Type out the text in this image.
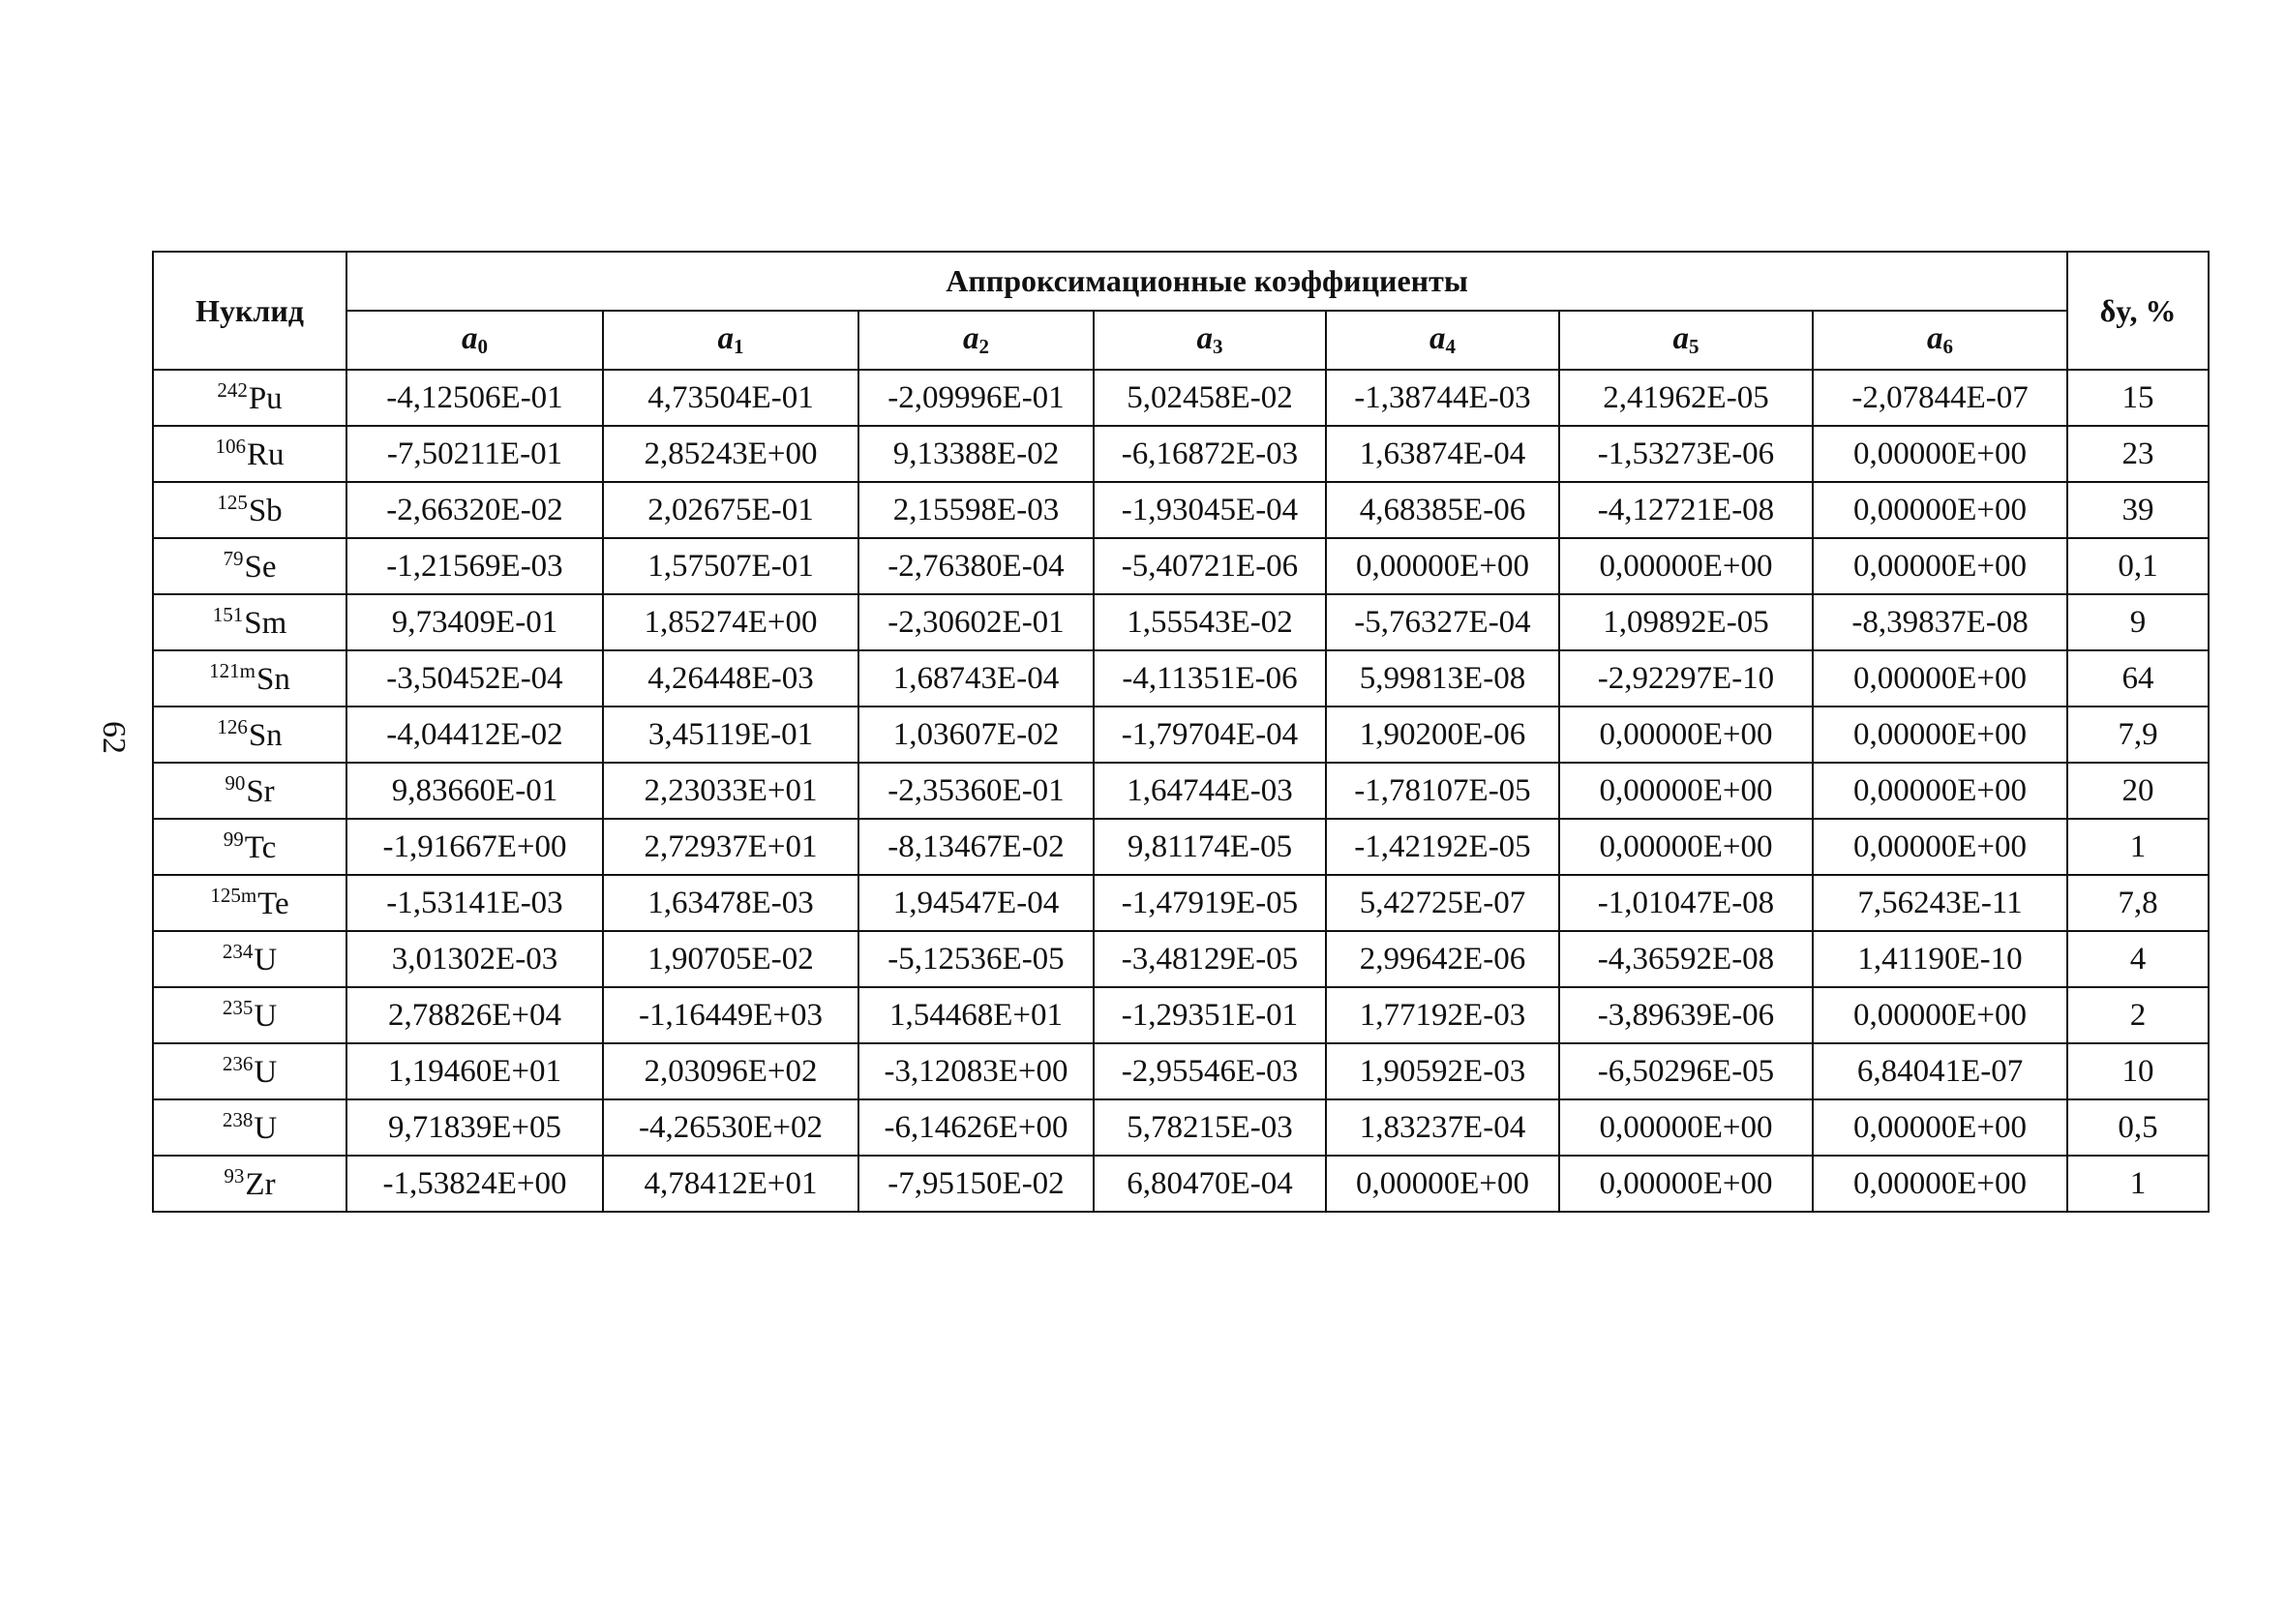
62
Нуклид	Аппроксимационные коэффициенты							δy, %
	$a_0$	$a_1$	$a_2$	$a_3$	$a_4$	$a_5$	$a_6$
$^{242}$Pu	-4,12506E-01	4,73504E-01	-2,09996E-01	5,02458E-02	-1,38744E-03	2,41962E-05	-2,07844E-07	15
$^{106}$Ru	-7,50211E-01	2,85243E+00	9,13388E-02	-6,16872E-03	1,63874E-04	-1,53273E-06	0,00000E+00	23
$^{125}$Sb	-2,66320E-02	2,02675E-01	2,15598E-03	-1,93045E-04	4,68385E-06	-4,12721E-08	0,00000E+00	39
$^{79}$Se	-1,21569E-03	1,57507E-01	-2,76380E-04	-5,40721E-06	0,00000E+00	0,00000E+00	0,00000E+00	0,1
$^{151}$Sm	9,73409E-01	1,85274E+00	-2,30602E-01	1,55543E-02	-5,76327E-04	1,09892E-05	-8,39837E-08	9
$^{121m}$Sn	-3,50452E-04	4,26448E-03	1,68743E-04	-4,11351E-06	5,99813E-08	-2,92297E-10	0,00000E+00	64
$^{126}$Sn	-4,04412E-02	3,45119E-01	1,03607E-02	-1,79704E-04	1,90200E-06	0,00000E+00	0,00000E+00	7,9
$^{90}$Sr	9,83660E-01	2,23033E+01	-2,35360E-01	1,64744E-03	-1,78107E-05	0,00000E+00	0,00000E+00	20
$^{99}$Tc	-1,91667E+00	2,72937E+01	-8,13467E-02	9,81174E-05	-1,42192E-05	0,00000E+00	0,00000E+00	1
$^{125m}$Te	-1,53141E-03	1,63478E-03	1,94547E-04	-1,47919E-05	5,42725E-07	-1,01047E-08	7,56243E-11	7,8
$^{234}$U	3,01302E-03	1,90705E-02	-5,12536E-05	-3,48129E-05	2,99642E-06	-4,36592E-08	1,41190E-10	4
$^{235}$U	2,78826E+04	-1,16449E+03	1,54468E+01	-1,29351E-01	1,77192E-03	-3,89639E-06	0,00000E+00	2
$^{236}$U	1,19460E+01	2,03096E+02	-3,12083E+00	-2,95546E-03	1,90592E-03	-6,50296E-05	6,84041E-07	10
$^{238}$U	9,71839E+05	-4,26530E+02	-6,14626E+00	5,78215E-03	1,83237E-04	0,00000E+00	0,00000E+00	0,5
$^{93}$Zr	-1,53824E+00	4,78412E+01	-7,95150E-02	6,80470E-04	0,00000E+00	0,00000E+00	0,00000E+00	1
